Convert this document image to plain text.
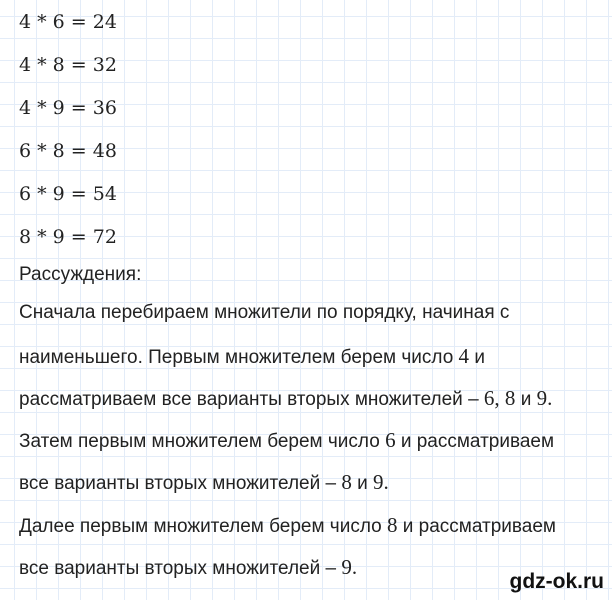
4 * 6 = 24
4 * 8 = 32
4 * 9 = 36
6 * 8 = 48
6 * 9 = 54
8 * 9 = 72
Рассуждения:
Сначала перебираем множители по порядку, начиная с
наименьшего. Первым множителем берем число 4 и
рассматриваем все варианты вторых множителей – 6, 8 и 9.
Затем первым множителем берем число 6 и рассматриваем
все варианты вторых множителей – 8 и 9.
Далее первым множителем берем число 8 и рассматриваем
все варианты вторых множителей – 9.
gdz-ok.ru
